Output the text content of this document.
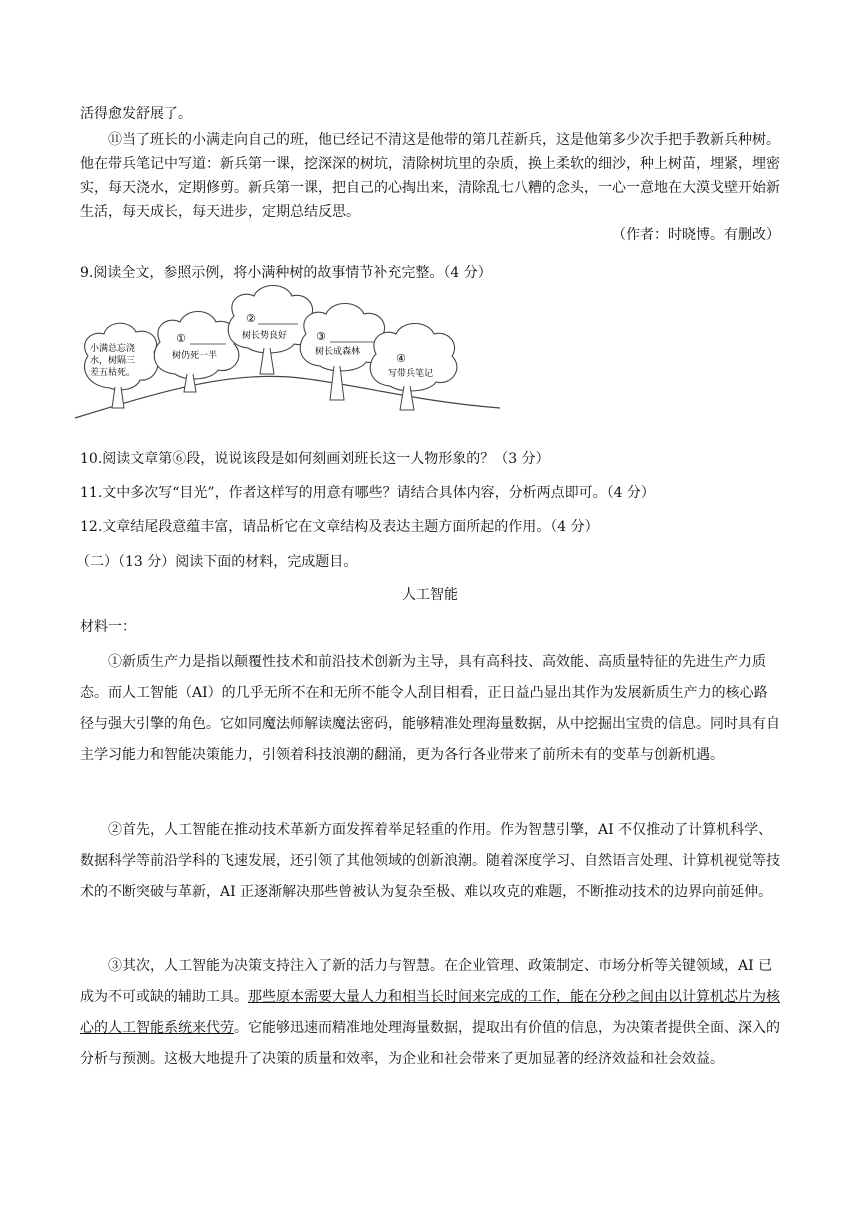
活得愈发舒展了。
⑪当了班长的小满走向自己的班，他已经记不清这是他带的第几茬新兵，这是他第多少次手把手教新兵种树。他在带兵笔记中写道：新兵第一课，挖深深的树坑，清除树坑里的杂质，换上柔软的细沙，种上树苗，埋紧，埋密实，每天浇水，定期修剪。新兵第一课，把自己的心掏出来，清除乱七八糟的念头，一心一意地在大漠戈壁开始新生活，每天成长，每天进步，定期总结反思。
（作者：时晓博。有删改）
9.阅读全文，参照示例，将小满种树的故事情节补充完整。（4 分）
小满总忘浇
水，树隔三
差五枯死。
①
树仍死一半
②
树长势良好	③
树长成森林	④
写带兵笔记
10.阅读文章第⑥段，说说该段是如何刻画刘班长这一人物形象的？（3 分）
11.文中多次写“目光”，作者这样写的用意有哪些？请结合具体内容，分析两点即可。（4 分）
12.文章结尾段意蕴丰富，请品析它在文章结构及表达主题方面所起的作用。（4 分）
（二）（13 分）阅读下面的材料，完成题目。
人工智能
材料一：
①新质生产力是指以颠覆性技术和前沿技术创新为主导，具有高科技、高效能、高质量特征的先进生产力质态。而人工智能（AI）的几乎无所不在和无所不能令人刮目相看，正日益凸显出其作为发展新质生产力的核心路径与强大引擎的角色。它如同魔法师解读魔法密码，能够精准处理海量数据，从中挖掘出宝贵的信息。同时具有自主学习能力和智能决策能力，引领着科技浪潮的翻涌，更为各行各业带来了前所未有的变革与创新机遇。
②首先，人工智能在推动技术革新方面发挥着举足轻重的作用。作为智慧引擎，AI 不仅推动了计算机科学、数据科学等前沿学科的飞速发展，还引领了其他领域的创新浪潮。随着深度学习、自然语言处理、计算机视觉等技术的不断突破与革新，AI 正逐渐解决那些曾被认为复杂至极、难以攻克的难题，不断推动技术的边界向前延伸。
③其次，人工智能为决策支持注入了新的活力与智慧。在企业管理、政策制定、市场分析等关键领域，AI 已成为不可或缺的辅助工具。那些原本需要大量人力和相当长时间来完成的工作，能在分秒之间由以计算机芯片为核心的人工智能系统来代劳。它能够迅速而精准地处理海量数据，提取出有价值的信息，为决策者提供全面、深入的分析与预测。这极大地提升了决策的质量和效率，为企业和社会带来了更加显著的经济效益和社会效益。
